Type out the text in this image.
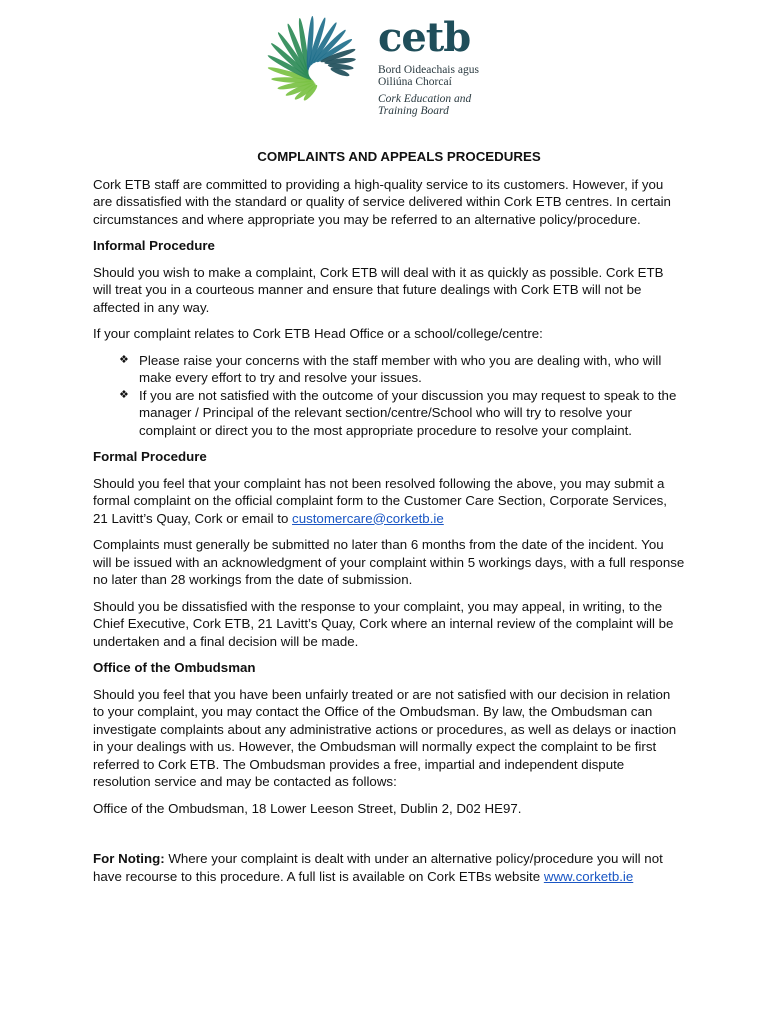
cetb
Bord Oideachais agus
Oiliúna Chorcaí
Cork Education and
Training Board
COMPLAINTS AND APPEALS PROCEDURES

Cork ETB staff are committed to providing a high-quality service to its customers. However, if you are dissatisfied with the standard or quality of service delivered within Cork ETB centres. In certain circumstances and where appropriate you may be referred to an alternative policy/procedure.

Informal Procedure

Should you wish to make a complaint, Cork ETB will deal with it as quickly as possible. Cork ETB will treat you in a courteous manner and ensure that future dealings with Cork ETB will not be affected in any way.

If your complaint relates to Cork ETB Head Office or a school/college/centre:

❖ Please raise your concerns with the staff member with who you are dealing with, who will make every effort to try and resolve your issues.
❖ If you are not satisfied with the outcome of your discussion you may request to speak to the manager / Principal of the relevant section/centre/School who will try to resolve your complaint or direct you to the most appropriate procedure to resolve your complaint.
Formal Procedure

Should you feel that your complaint has not been resolved following the above, you may submit a formal complaint on the official complaint form to the Customer Care Section, Corporate Services, 21 Lavitt’s Quay, Cork or email to customercare@corketb.ie

Complaints must generally be submitted no later than 6 months from the date of the incident. You will be issued with an acknowledgment of your complaint within 5 workings days, with a full response no later than 28 workings from the date of submission.

Should you be dissatisfied with the response to your complaint, you may appeal, in writing, to the Chief Executive, Cork ETB, 21 Lavitt’s Quay, Cork where an internal review of the complaint will be undertaken and a final decision will be made.

Office of the Ombudsman

Should you feel that you have been unfairly treated or are not satisfied with our decision in relation to your complaint, you may contact the Office of the Ombudsman. By law, the Ombudsman can investigate complaints about any administrative actions or procedures, as well as delays or inaction in your dealings with us. However, the Ombudsman will normally expect the complaint to be first referred to Cork ETB. The Ombudsman provides a free, impartial and independent dispute resolution service and may be contacted as follows:

Office of the Ombudsman, 18 Lower Leeson Street, Dublin 2, D02 HE97.

For Noting: Where your complaint is dealt with under an alternative policy/procedure you will not have recourse to this procedure. A full list is available on Cork ETBs website www.corketb.ie
